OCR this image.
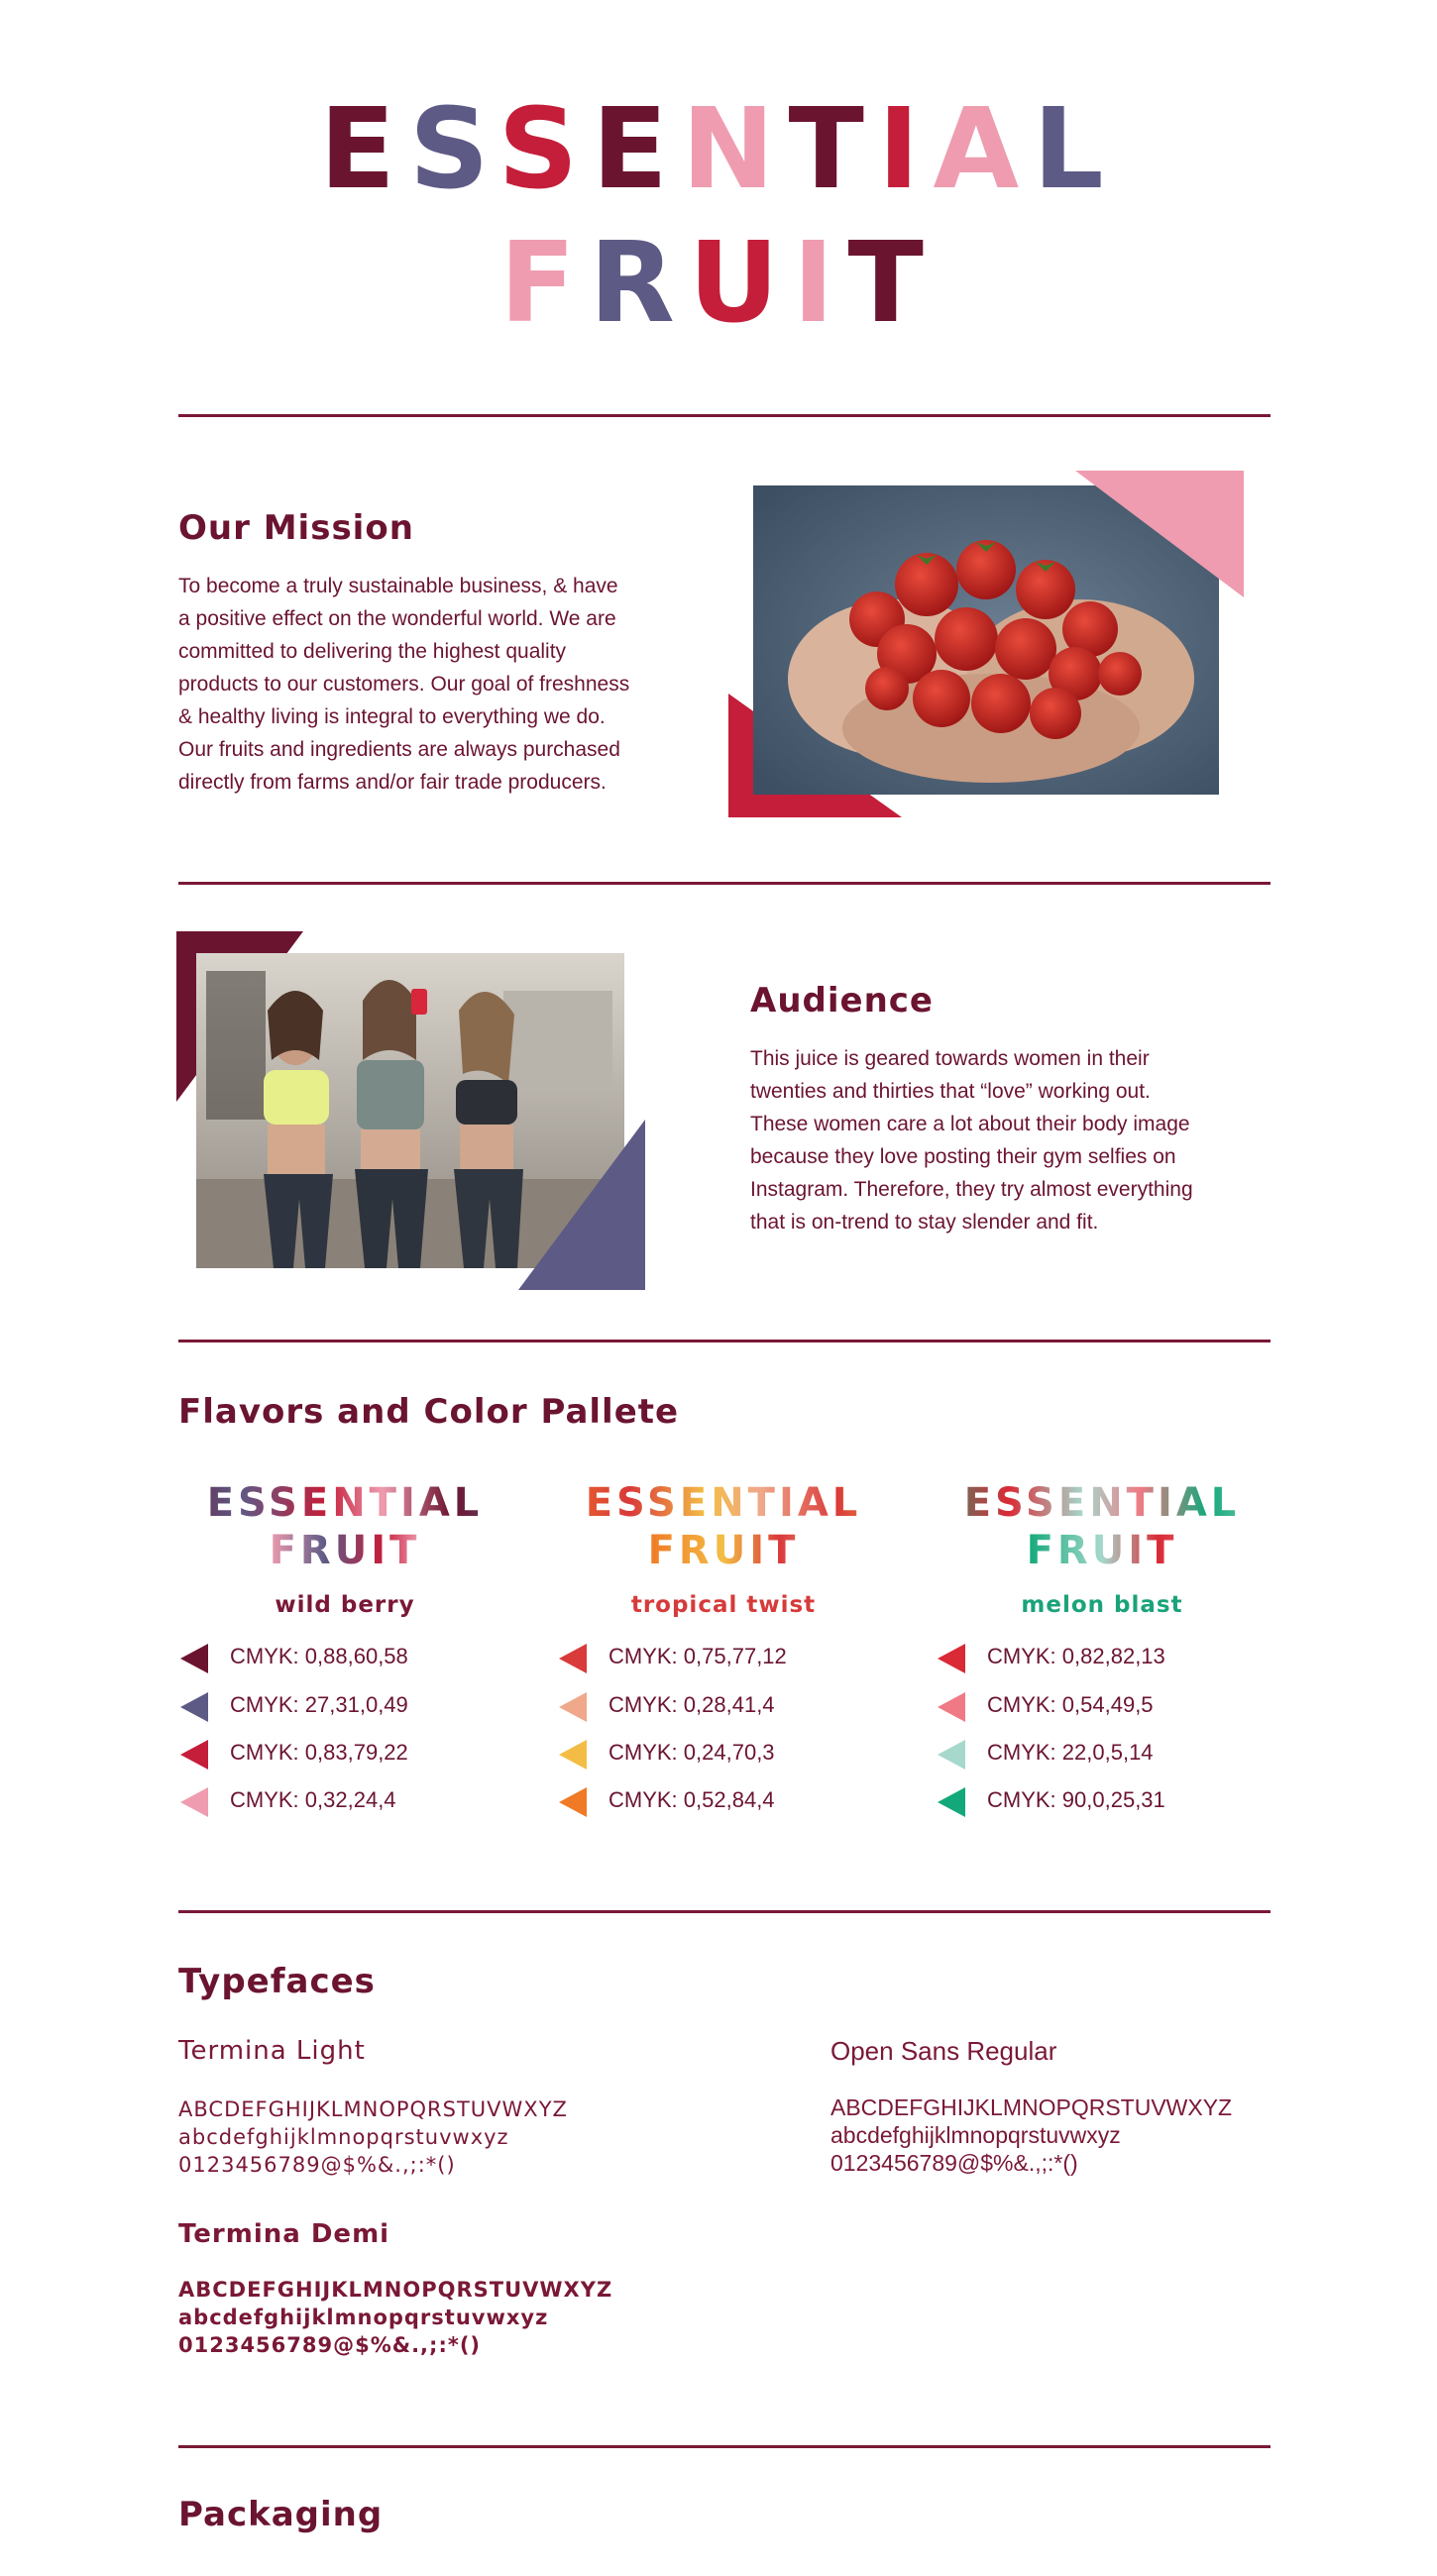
ESSENTIAL
FRUIT
Our Mission
To become a truly sustainable business, & have
a positive effect on the wonderful world. We are
committed to delivering the highest quality
products to our customers. Our goal of freshness
& healthy living is integral to everything we do.
Our fruits and ingredients are always purchased
directly from farms and/or fair trade producers.
Audience
This juice is geared towards women in their
twenties and thirties that “love” working out.
These women care a lot about their body image
because they love posting their gym selfies on
Instagram. Therefore, they try almost everything
that is on-trend to stay slender and fit.
Flavors and Color Pallete
ESSENTIAL
FRUIT
wild berry
CMYK: 0,88,60,58
CMYK: 27,31,0,49
CMYK: 0,83,79,22
CMYK: 0,32,24,4
ESSENTIAL
FRUIT
tropical twist
CMYK: 0,75,77,12
CMYK: 0,28,41,4
CMYK: 0,24,70,3
CMYK: 0,52,84,4
ESSENTIAL
FRUIT
melon blast
CMYK: 0,82,82,13
CMYK: 0,54,49,5
CMYK: 22,0,5,14
CMYK: 90,0,25,31
Typefaces
Termina Light
ABCDEFGHIJKLMNOPQRSTUVWXYZ
abcdefghijklmnopqrstuvwxyz
0123456789@$%&.,;:*()
Termina Demi
ABCDEFGHIJKLMNOPQRSTUVWXYZ
abcdefghijklmnopqrstuvwxyz
0123456789@$%&.,;:*()
Open Sans Regular
ABCDEFGHIJKLMNOPQRSTUVWXYZ
abcdefghijklmnopqrstuvwxyz
0123456789@$%&.,;:*()
Packaging
